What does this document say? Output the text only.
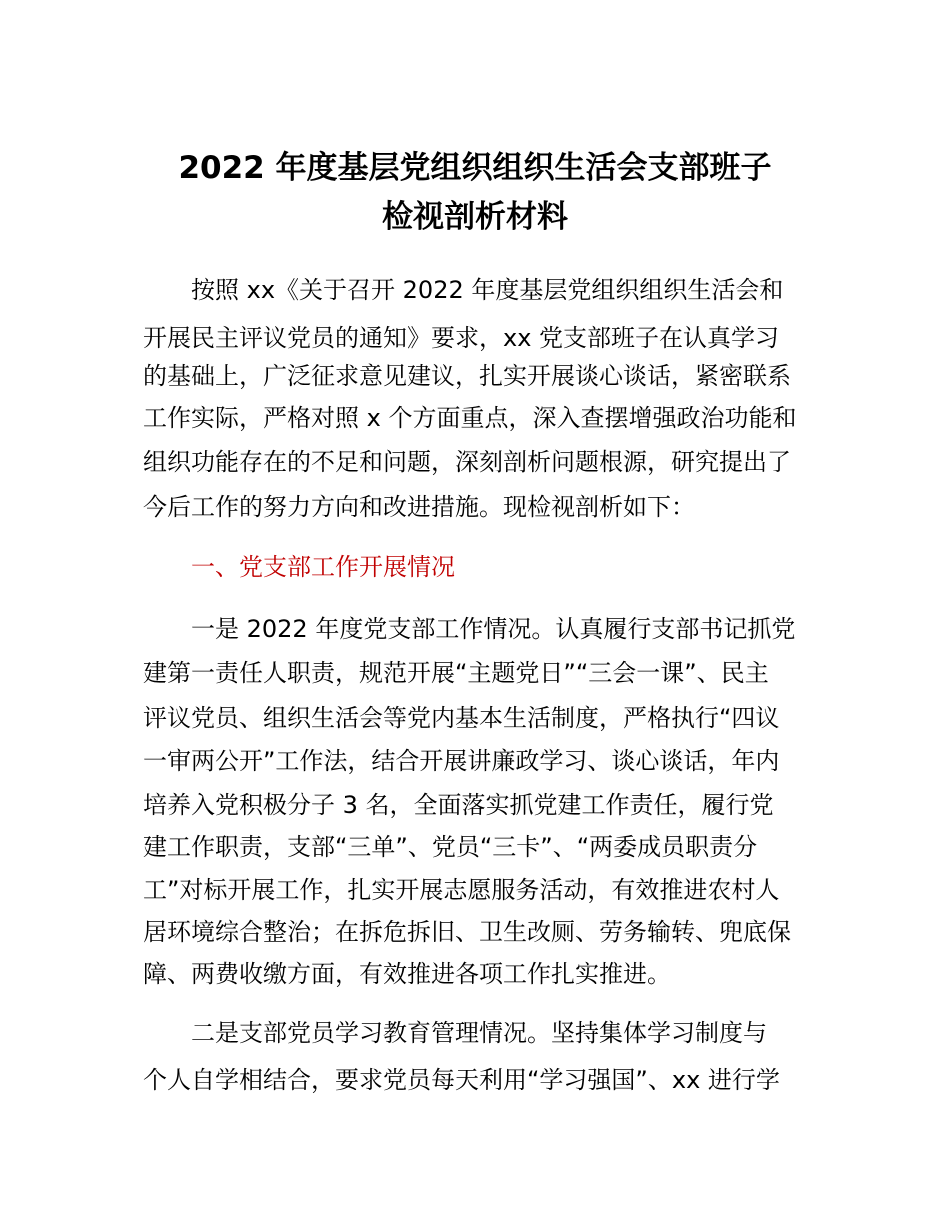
2022 年度基层党组织组织生活会支部班子
检视剖析材料
按照 xx《关于召开 2022 年度基层党组织组织生活会和
开展民主评议党员的通知》要求，xx 党支部班子在认真学习
的基础上，广泛征求意见建议，扎实开展谈心谈话，紧密联系
工作实际，严格对照 x 个方面重点，深入查摆增强政治功能和
组织功能存在的不足和问题，深刻剖析问题根源，研究提出了
今后工作的努力方向和改进措施。现检视剖析如下：
一、党支部工作开展情况
一是 2022 年度党支部工作情况。认真履行支部书记抓党
建第一责任人职责，规范开展“主题党日”“三会一课”、民主
评议党员、组织生活会等党内基本生活制度，严格执行“四议
一审两公开”工作法，结合开展讲廉政学习、谈心谈话，年内
培养入党积极分子 3 名，全面落实抓党建工作责任，履行党
建工作职责，支部“三单”、党员“三卡”、“两委成员职责分
工”对标开展工作，扎实开展志愿服务活动，有效推进农村人
居环境综合整治；在拆危拆旧、卫生改厕、劳务输转、兜底保
障、两费收缴方面，有效推进各项工作扎实推进。
二是支部党员学习教育管理情况。坚持集体学习制度与
个人自学相结合，要求党员每天利用“学习强国”、xx 进行学
